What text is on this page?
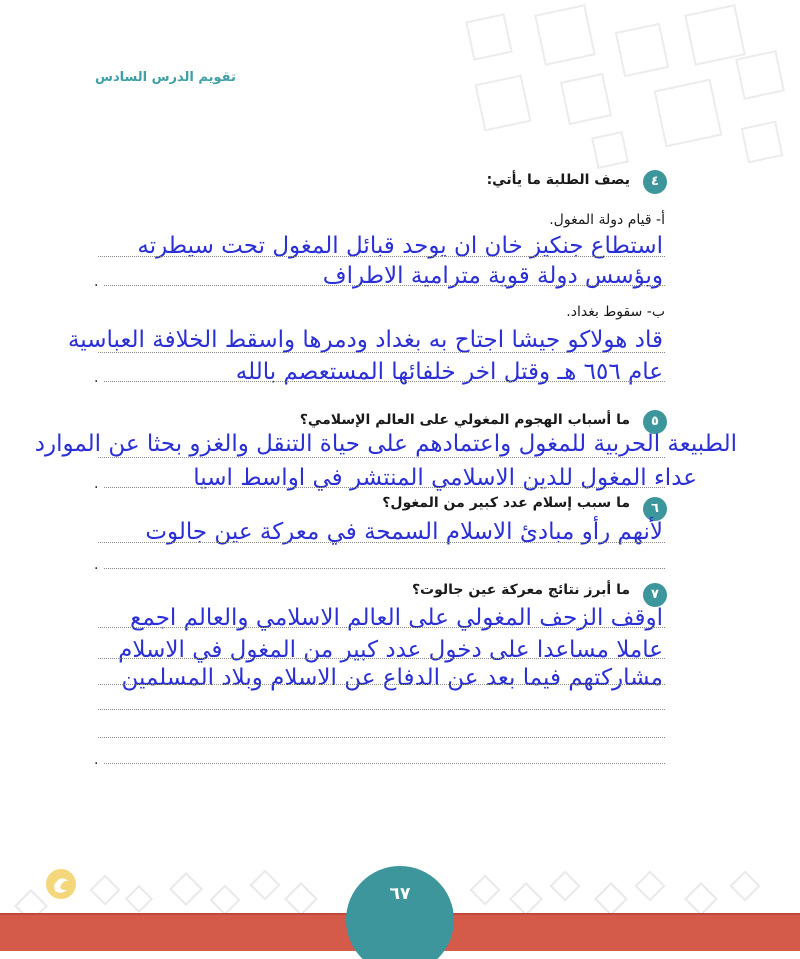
تقويم الدرس السادس
٤
يصف الطلبة ما يأتي:
أ- قيام دولة المغول.
استطاع جنكيز خان ان يوحد قبائل المغول تحت سيطرته
ويؤسس دولة قوية مترامية الاطراف
.
ب- سقوط بغداد.
قاد هولاكو جيشا اجتاح به بغداد ودمرها واسقط الخلافة العباسية
عام ٦٥٦ هـ وقتل اخر خلفائها المستعصم بالله
.
٥
ما أسباب الهجوم المغولي على العالم الإسلامي؟
الطبيعة الحربية للمغول واعتمادهم على حياة التنقل والغزو بحثا عن الموارد
عداء المغول للدين الاسلامي المنتشر في اواسط اسيا
.
٦
ما سبب إسلام عدد كبير من المغول؟
لأنهم رأو مبادئ الاسلام السمحة في معركة عين جالوت
.
٧
ما أبرز نتائج معركة عين جالوت؟
اوقف الزحف المغولي على العالم الاسلامي والعالم اجمع
عاملا مساعدا على دخول عدد كبير من المغول في الاسلام
مشاركتهم فيما بعد عن الدفاع عن الاسلام وبلاد المسلمين
.
٦٧
